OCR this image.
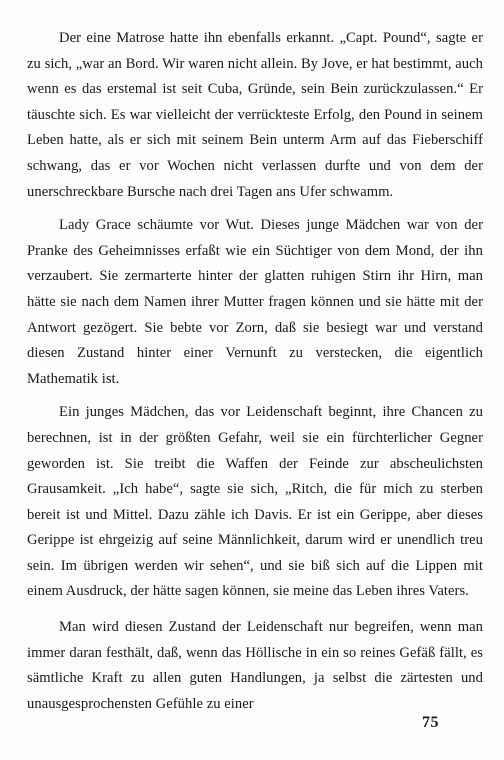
Der eine Matrose hatte ihn ebenfalls erkannt. „Capt. Pound“, sagte er zu sich, „war an Bord. Wir waren nicht allein. By Jove, er hat bestimmt, auch wenn es das erstemal ist seit Cuba, Gründe, sein Bein zurückzulassen.“ Er täuschte sich. Es war vielleicht der verrückteste Erfolg, den Pound in seinem Leben hatte, als er sich mit seinem Bein unterm Arm auf das Fieberschiff schwang, das er vor Wochen nicht verlassen durfte und von dem der unerschreckbare Bursche nach drei Tagen ans Ufer schwamm.

Lady Grace schäumte vor Wut. Dieses junge Mädchen war von der Pranke des Geheimnisses erfaßt wie ein Süchtiger von dem Mond, der ihn verzaubert. Sie zermarterte hinter der glatten ruhigen Stirn ihr Hirn, man hätte sie nach dem Namen ihrer Mutter fragen können und sie hätte mit der Antwort gezögert. Sie bebte vor Zorn, daß sie besiegt war und verstand diesen Zustand hinter einer Vernunft zu verstecken, die eigentlich Mathematik ist.

Ein junges Mädchen, das vor Leidenschaft beginnt, ihre Chancen zu berechnen, ist in der größten Gefahr, weil sie ein fürchterlicher Gegner geworden ist. Sie treibt die Waffen der Feinde zur abscheulichsten Grausamkeit. „Ich habe“, sagte sie sich, „Ritch, die für mich zu sterben bereit ist und Mittel. Dazu zähle ich Davis. Er ist ein Gerippe, aber dieses Gerippe ist ehrgeizig auf seine Männlichkeit, darum wird er unendlich treu sein. Im übrigen werden wir sehen“, und sie biß sich auf die Lippen mit einem Ausdruck, der hätte sagen können, sie meine das Leben ihres Vaters.

Man wird diesen Zustand der Leidenschaft nur begreifen, wenn man immer daran festhält, daß, wenn das Höllische in ein so reines Gefäß fällt, es sämtliche Kraft zu allen guten Handlungen, ja selbst die zärtesten und unausgesprochensten Gefühle zu einer

75
